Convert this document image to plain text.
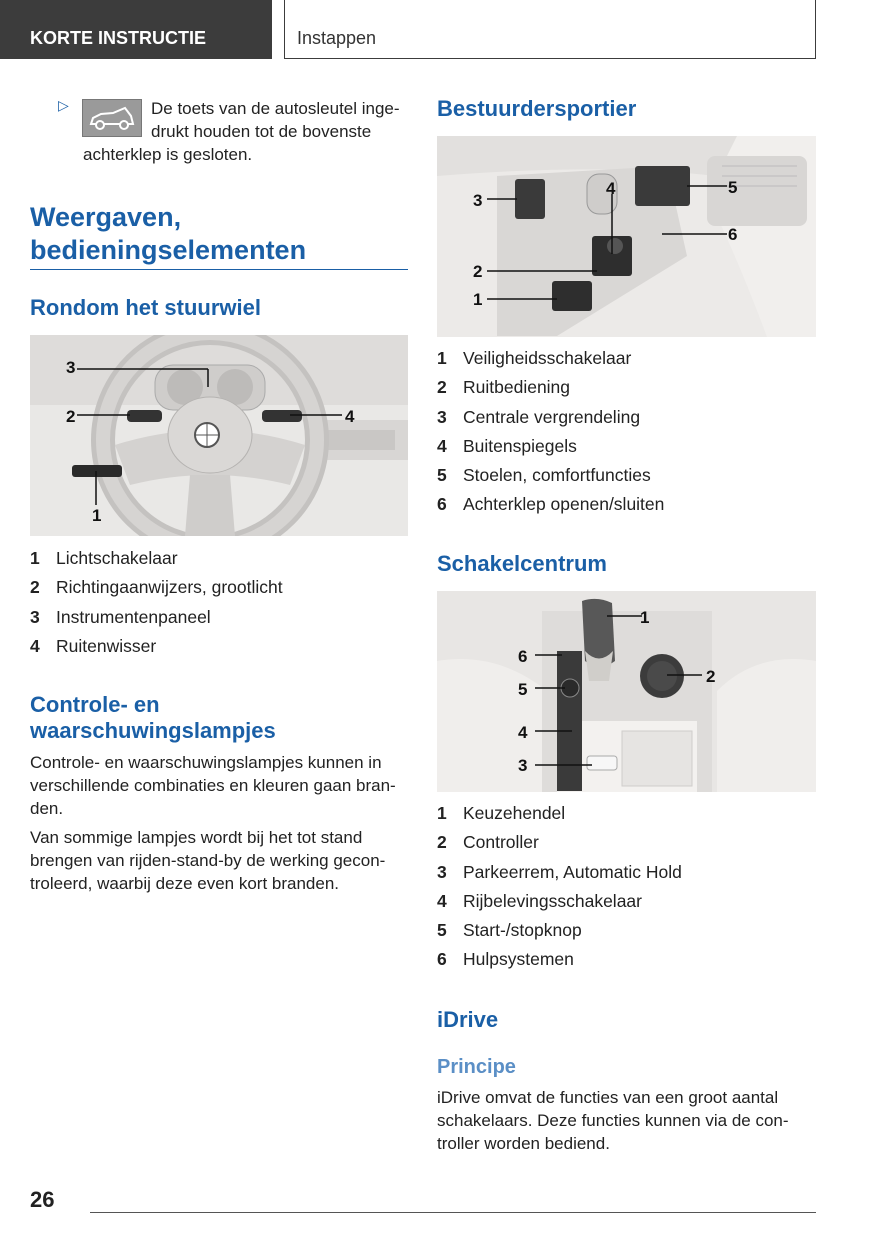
KORTE INSTRUCTIE	Instappen
▷	De toets van de autosleutel inge-
drukt houden tot de bovenste
achterklep is gesloten.
Weergaven,
bedieningselementen
Rondom het stuurwiel
1
2
3
4
1 Lichtschakelaar
2 Richtingaanwijzers, grootlicht
3 Instrumentenpaneel
4 Ruitenwisser
Controle- en
waarschuwingslampjes
Controle- en waarschuwingslampjes kunnen in
verschillende combinaties en kleuren gaan bran-
den.
Van sommige lampjes wordt bij het tot stand
brengen van rijden-stand-by de werking gecon-
troleerd, waarbij deze even kort branden.
Bestuurdersportier
1
2
3
4	5
6
1 Veiligheidsschakelaar
2 Ruitbediening
3 Centrale vergrendeling
4 Buitenspiegels
5 Stoelen, comfortfuncties
6 Achterklep openen/sluiten
Schakelcentrum
1
2
3
4
5
6
1 Keuzehendel
2 Controller
3 Parkeerrem, Automatic Hold
4 Rijbelevingsschakelaar
5 Start-/stopknop
6 Hulpsystemen
iDrive
Principe
iDrive omvat de functies van een groot aantal
schakelaars. Deze functies kunnen via de con-
troller worden bediend.
26
